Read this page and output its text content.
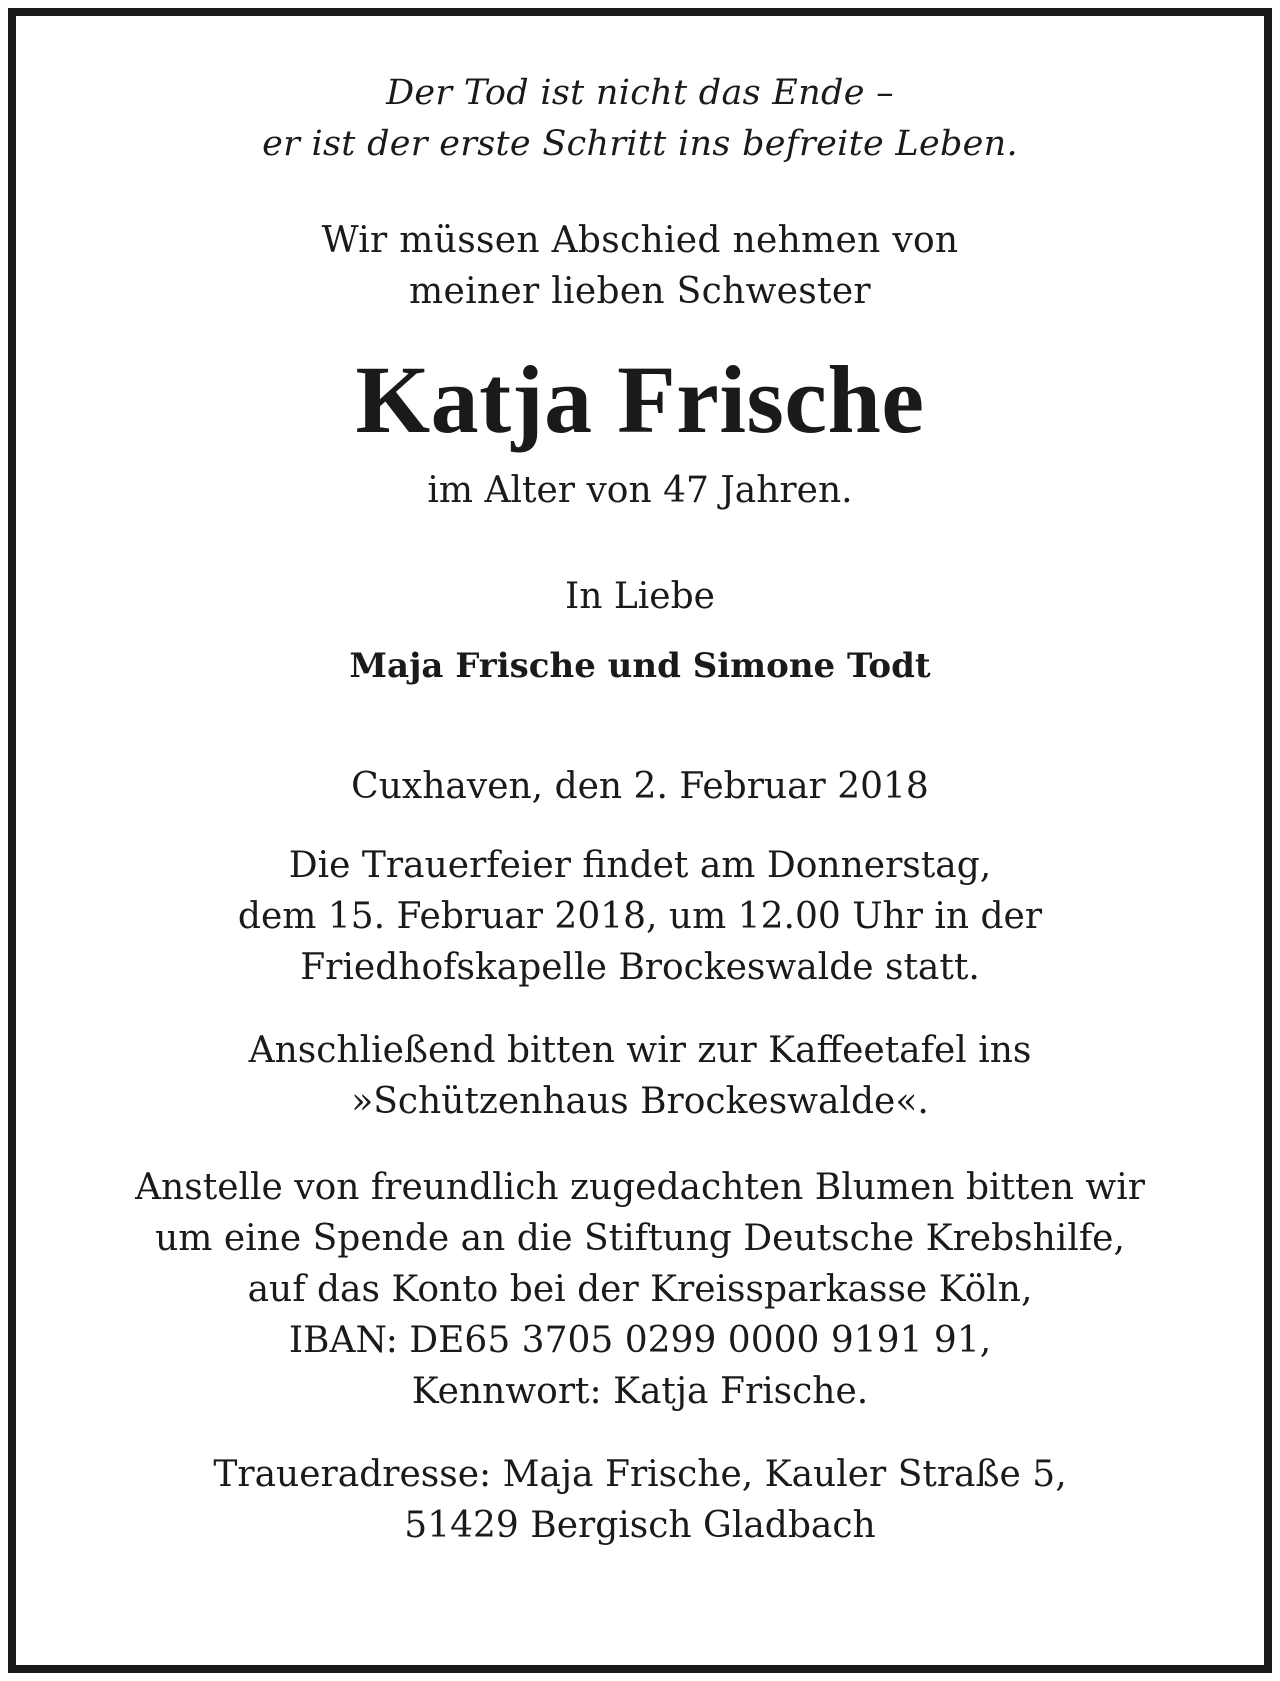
Der Tod ist nicht das Ende –
er ist der erste Schritt ins befreite Leben.
Wir müssen Abschied nehmen von
meiner lieben Schwester
Katja Frische
im Alter von 47 Jahren.
In Liebe
Maja Frische und Simone Todt
Cuxhaven, den 2. Februar 2018
Die Trauerfeier findet am Donnerstag,
dem 15. Februar 2018, um 12.00 Uhr in der
Friedhofskapelle Brockeswalde statt.
Anschließend bitten wir zur Kaffeetafel ins
»Schützenhaus Brockeswalde«.
Anstelle von freundlich zugedachten Blumen bitten wir
um eine Spende an die Stiftung Deutsche Krebshilfe,
auf das Konto bei der Kreissparkasse Köln,
IBAN: DE65 3705 0299 0000 9191 91,
Kennwort: Katja Frische.
Traueradresse: Maja Frische, Kauler Straße 5,
51429 Bergisch Gladbach
